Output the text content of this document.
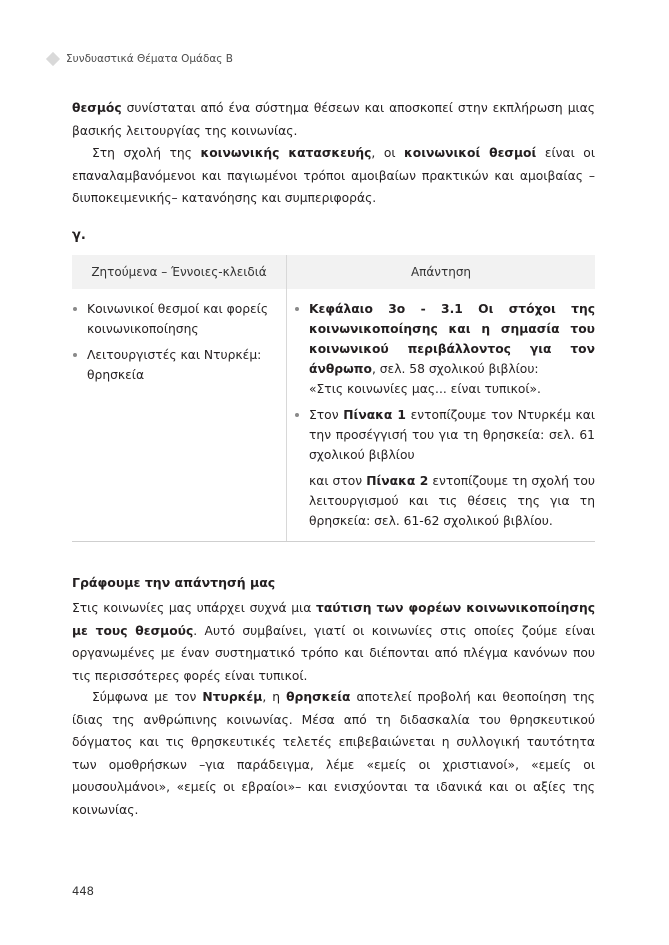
Συνδυαστικά Θέματα Ομάδας Β

θεσμός συνίσταται από ένα σύστημα θέσεων και αποσκοπεί στην εκπλήρωση μιας βασικής λειτουργίας της κοινωνίας.

Στη σχολή της κοινωνικής κατασκευής, οι κοινωνικοί θεσμοί είναι οι επαναλαμβανόμενοι και παγιωμένοι τρόποι αμοιβαίων πρακτικών και αμοιβαίας –διυποκειμενικής– κατανόησης και συμπεριφοράς.

γ.
Ζητούμενα – Έννοιες-κλειδιά	Απάντηση

Κοινωνικοί θεσμοί και φορείς κοινωνικοποίησης

Λειτουργιστές και Ντυρκέμ: θρησκεία

Κεφάλαιο 3ο - 3.1 Οι στόχοι της κοινωνικοποίησης και η σημασία του κοινωνικού περιβάλλοντος για τον άνθρωπο, σελ. 58 σχολικού βιβλίου:

«Στις κοινωνίες μας... είναι τυπικοί».

Στον Πίνακα 1 εντοπίζουμε τον Ντυρκέμ και την προσέγγισή του για τη θρησκεία: σελ. 61 σχολικού βιβλίου

και στον Πίνακα 2 εντοπίζουμε τη σχολή του λειτουργισμού και τις θέσεις της για τη θρησκεία: σελ. 61-62 σχολικού βιβλίου.

Γράφουμε την απάντησή μας

Στις κοινωνίες μας υπάρχει συχνά μια ταύτιση των φορέων κοινωνικοποίησης με τους θεσμούς. Αυτό συμβαίνει, γιατί οι κοινωνίες στις οποίες ζούμε είναι οργανωμένες με έναν συστηματικό τρόπο και διέπονται από πλέγμα κανόνων που τις περισσότερες φορές είναι τυπικοί.

Σύμφωνα με τον Ντυρκέμ, η θρησκεία αποτελεί προβολή και θεοποίηση της ίδιας της ανθρώπινης κοινωνίας. Μέσα από τη διδασκαλία του θρησκευτικού δόγματος και τις θρησκευτικές τελετές επιβεβαιώνεται η συλλογική ταυτότητα των ομοθρήσκων –για παράδειγμα, λέμε «εμείς οι χριστιανοί», «εμείς οι μουσουλμάνοι», «εμείς οι εβραίοι»– και ενισχύονται τα ιδανικά και οι αξίες της κοινωνίας.

448
